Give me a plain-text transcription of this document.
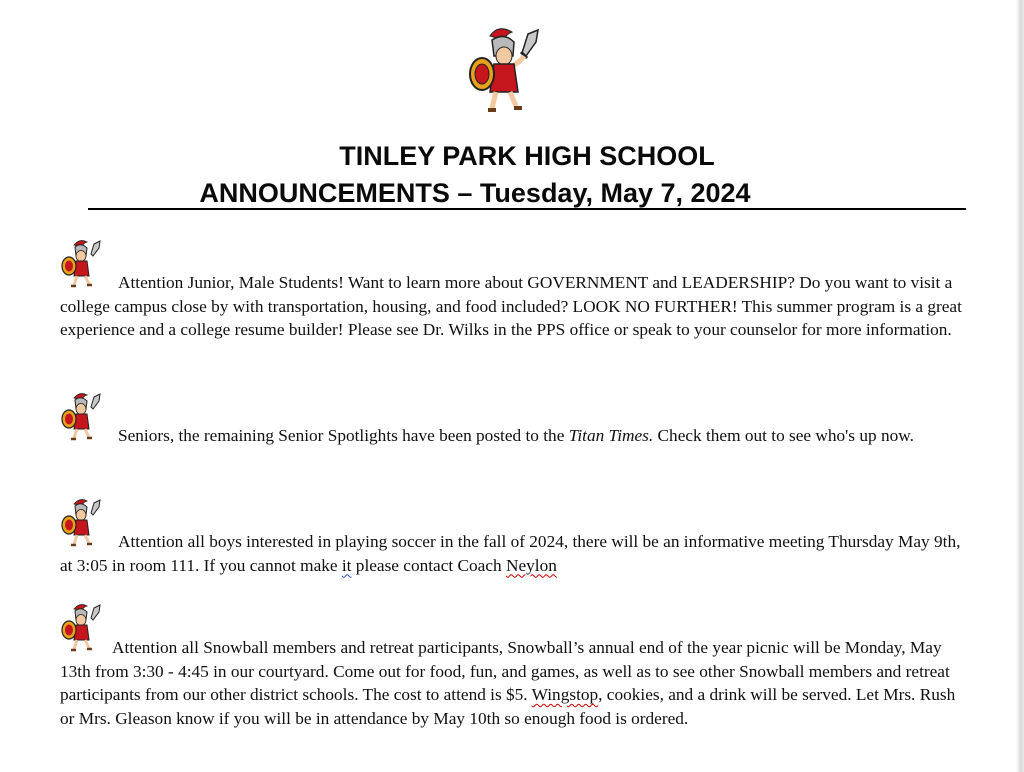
TINLEY PARK HIGH SCHOOL
ANNOUNCEMENTS – Tuesday, May 7, 2024

Attention Junior, Male Students! Want to learn more about GOVERNMENT and LEADERSHIP? Do you want to visit a college campus close by with transportation, housing, and food included? LOOK NO FURTHER! This summer program is a great experience and a college resume builder! Please see Dr. Wilks in the PPS office or speak to your counselor for more information.

Seniors, the remaining Senior Spotlights have been posted to the Titan Times. Check them out to see who's up now.

Attention all boys interested in playing soccer in the fall of 2024, there will be an informative meeting Thursday May 9th, at 3:05 in room 111. If you cannot make it please contact Coach Neylon

Attention all Snowball members and retreat participants, Snowball’s annual end of the year picnic will be Monday, May 13th from 3:30 - 4:45 in our courtyard. Come out for food, fun, and games, as well as to see other Snowball members and retreat participants from our other district schools. The cost to attend is $5. Wingstop, cookies, and a drink will be served. Let Mrs. Rush or Mrs. Gleason know if you will be in attendance by May 10th so enough food is ordered.
